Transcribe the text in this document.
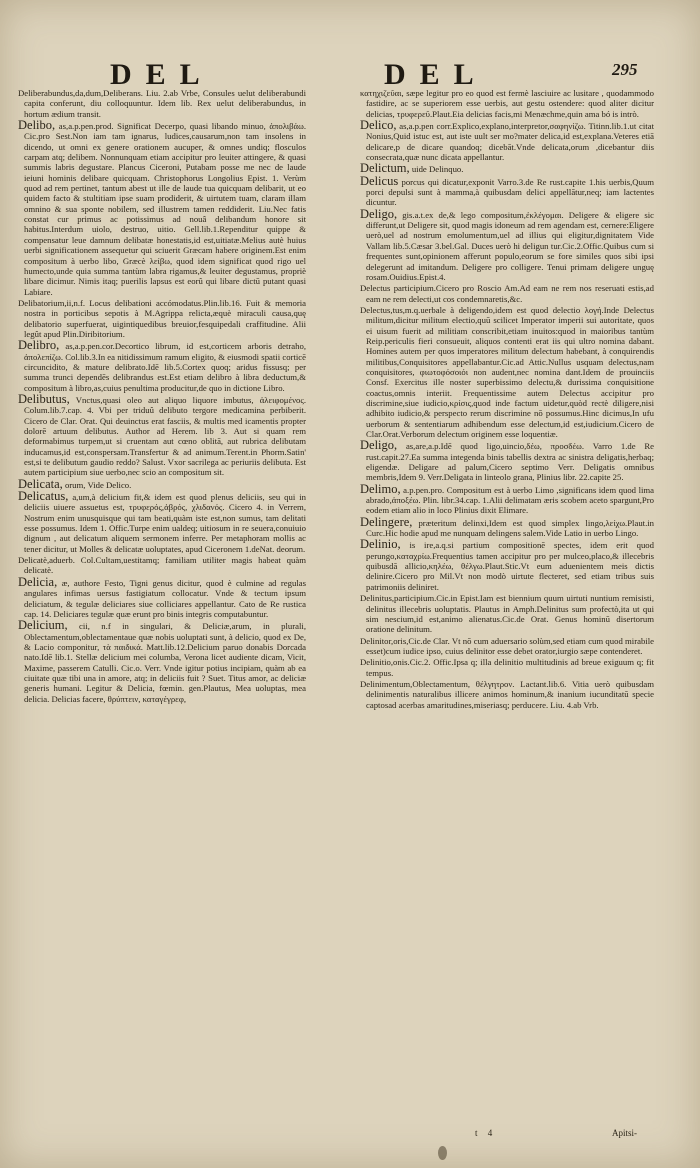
DEL	DEL	295

Deliberabundus,da,dum,Deliberans. Liu. 2.ab Vrbe, Consules uelut deliberabundi capita conferunt, diu colloquuntur. Idem lib. Rex uelut deliberabundus, in hortum ædium transit.

Delibo, as,a.p.pen.prod. Significat Decerpo, quasi libando minuo, ἀπολιβάω. Cic.pro Sest.Non iam tam ignarus, ludices,causarum,non tam insolens in dicendo, ut omni ex genere orationem aucuper, & omnes undiq; flosculos carpam atq; delibem. Nonnunquam etiam accipitur pro leuiter attingere, & quasi summis labris degustare. Plancus Ciceroni, Putabam posse me nec de laude ieiuni hominis delibare quicquam. Christophorus Longolius Epist. 1. Verùm quod ad rem pertinet, tantum abest ut ille de laude tua quicquam delibarit, ut eo quidem facto & stultitiam ipse suam prodiderit, & uirtutem tuam, claram illam omnino & sua sponte nobilem, sed illustrem tamen reddiderit. Liu.Nec fatis constat cur primus ac potissimus ad nouâ delibandum honore sit habitus.Interdum uiolo, destruo, uitio. Gell.lib.1.Rependitur quippe & compensatur leue damnum delibatæ honestatis,id est,uitiatæ.Melius autè huius uerbi significationem assequetur qui sciuerit Græcam habere originem.Est enim compositum à uerbo libo, Græcè λείβω, quod idem significat quod rigo uel humecto,unde quia summa tantùm labra rigamus,& leuiter degustamus, propriè libare dicimur. Nimis itaq; puerilis lapsus est eorû qui libare dictū putant quasi Labiare.

Delibatorium,ii,n.f. Locus delibationi accómodatus.Plin.lib.16. Fuit & memoria nostra in porticibus sepotis à M.Agrippa relicta,æquè miraculi causa,quę delibatorio superfuerat, uigintiquedibus breuior,fesquipedali craffitudine. Alii legût apud Plin.Diribitorium.

Delibro, as,a.p.pen.cor.Decortico librum, id est,corticem arboris detraho, ἀπολεπίζω. Col.lib.3.In ea nitidissimum ramum eligito, & eiusmodi spatii corticē circuncidito, & mature delibrato.Idē lib.5.Cortex quoq; aridus fissusq; per summa trunci dependēs delibrandus est.Est etiam delibro à libra deductum,& compositum à libro,as,cuius penultima producitur,de quo in dictione Libro.

Delibutus, Vnctus,quasi oleo aut aliquo liquore imbutus, ἀλειφομένος. Colum.lib.7.cap. 4. Vbi per triduû delibuto tergore medicamina perbiberit. Cicero de Clar. Orat. Qui deuinctus erat fasciis, & multis med icamentis propter dolorē artuum delibutus. Author ad Herem. lib 3. Aut si quam rem deformabimus turpem,ut si cruentam aut cœno oblitā, aut rubrica delibutam inducamus,id est,conspersam.Transfertur & ad animum.Terent.in Phorm.Satin' est,si te delibutum gaudio reddo? Salust. Vxor sacrilega ac periuriis delibuta. Est autem participium siue uerbo,nec scio an compositum sit.

Delicata, orum, Vide Delico.

Delicatus, a,um,à delicium fit,& idem est quod plenus deliciis, seu qui in deliciis uiuere assuetus est, τρυφερός,ἁβρός, χλιδανός. Cicero 4. in Verrem, Nostrum enim unusquisque qui tam beati,quàm iste est,non sumus, tam delitati esse possumus. Idem 1. Offic.Turpe enim ualdeq; uitiosum in re seuera,conuiuio dignum , aut delicatum aliquem sermonem inferre. Per metaphoram mollis ac tener dicitur, ut Molles & delicatæ uoluptates, apud Ciceronem 1.deNat. deorum.

Delicatè,aduerb. Col.Cultam,uestitamq; familiam utiliter magis habeat quàm delicatè.

Delicia, æ, authore Festo, Tigni genus dicitur, quod è culmine ad regulas angulares infimas uersus fastigiatum collocatur. Vnde & tectum ipsum deliciatum, & tegulæ deliciares siue colliciares appellantur. Cato de Re rustica cap. 14. Deliciares tegulæ quæ erunt pro binis integris computabuntur.

Delicium, cii, n.f in singulari, & Deliciæ,arum, in plurali, Oblectamentum,oblectamentaue quæ nobis uoluptati sunt, à delicio, quod ex De, & Lacio componitur, τὰ παιδικά. Matt.lib.12.Delicium paruo donabis Dorcada nato.Idē lib.1. Stellæ delicium mei columba, Verona licet audiente dicam, Vicit, Maxime, passerem Catulli. Cic.o. Verr. Vnde igitur potius incipiam, quàm ab ea ciuitate quæ tibi una in amore, atq; in deliciis fuit ? Suet. Titus amor, ac deliciæ generis humani. Legitur & Delicia, fœmin. gen.Plautus, Mea uoluptas, mea delicia. Delicias facere, θρύπτειν, καταγέγρεφ,

κατηχιζεῦαι, sæpe legitur pro eo quod est fermè lasciuire ac lusitare , quodammodo fastidire, ac se superiorem esse uerbis, aut gestu ostendere: quod aliter dicitur delicias, τρυφερεῦ.Plaut.Eia delicias facis,mi Menæchme,quin ama bó is intrò.

Delico, as,a.p.pen corr.Explico,explano,interpretor,σαφηνίζω. Titinn.lib.1.ut citat Nonius,Quid istuc est, aut iste uult ser mo?mater delica,id est,explana.Veteres etiā delicare,p de dicare quandoq; dicebāt.Vnde delicata,orum ,dicebantur diis consecrata,quæ nunc dicata appellantur.

Delictum, uide Delinquo.

Delicus porcus qui dicatur,exponit Varro.3.de Re rust.capite 1.his uerbis,Quum porci depulsi sunt à mamma,à quibusdam delici appellātur,neq; iam lactentes dicuntur.

Deligo, gis.a.t.ex de,& lego compositum,ἐκλέγομαι. Deligere & eligere sic differunt,ut Deligere sit, quod magis idoneum ad rem agendam est, cernere:Eligere uerò,uel ad nostrum emolumentum,uel ad illius qui eligitur,dignitatem Vide Vallam lib.5.Cæsar 3.bel.Gal. Duces uerò hi deligun tur.Cic.2.Offic.Quibus cum si frequentes sunt,opinionem afferunt populo,eorum se fore similes quos sibi ipsi delegerunt ad imitandum. Deligere pro colligere. Tenui primam deligere unguę rosam.Ouidius.Epist.4.

Delectus participium.Cicero pro Roscio Am.Ad eam ne rem nos reseruati estis,ad eam ne rem delecti,ut cos condemnaretis,&c.

Delectus,tus,m.q.uerbale à deligendo,idem est quod delectio λογή.Inde Delectus militum,dicitur militum electio,quū scilicet Imperator imperii sui autoritate, quos ei uisum fuerit ad militiam conscribit,etiam inuitos:quod in maioribus tantùm Reip.periculis fieri consueuit, aliquos contenti erat iis qui ultro nomina dabant. Homines autem per quos imperatores militum delectum habebant, à conquirendis militibus,Conquisitores appellabantur.Cic.ad Attic.Nullus usquam delectus,nam conquisitores, φιωτοφόσοιόι non audent,nec nomina dant.Idem de prouinciis Consf. Exercitus ille noster superbissimo delectu,& durissima conquisitione coactus,omnis interiit. Frequentissime autem Delectus accipitur pro discrimine,siue iudicio,κρίσις,quod inde factum uidetur,quòd rectè diligere,nisi adhibito iudicio,& perspecto rerum discrimine nō possumus.Hinc dicimus,In ufu uerborum & sententiarum adhibendum esse delectum,id est,iudicium.Cicero de Clar.Orat.Verborum delectum originem esse loquentiæ.

Deligo, as,are,a.p.Idē quod ligo,uincio,δέω, προσδέω. Varro 1.de Re rust.capit.27.Ea summa integenda binis tabellis dextra ac sinistra deligatis,herbaq; eligendæ. Deligare ad palum,Cicero septimo Verr. Deligatis omnibus membris,Idem 9. Verr.Deligata in linteolo grana, Plinius libr. 22.capite 25.

Delimo, a.p.pen.pro. Compositum est à uerbo Limo ,significans idem quod lima abrado,ἀποξέω. Plin. libr.34.cap. 1.Alii delimatam æris scobem aceto spargunt,Pro eodem etiam alio in loco Plinius dixit Elimare.

Delingere, præteritum delinxi,Idem est quod simplex lingo,λείχω.Plaut.in Curc.Hic hodie apud me nunquam delingens salem.Vide Latio in uerbo Lingo.

Delinio, is ire,a.q.si partium compositionē spectes, idem erit quod perungo,καταχρίω.Frequentius tamen accipitur pro per mulceo,placo,& illecebris quibusdā allicio,κηλέω, θέλγω.Plaut.Stic.Vt eum aduenientem meis dictis delinire.Cicero pro Mil.Vt non modò uirtute flecteret, sed etiam tribus suis patrimoniis deliniret.

Delinitus,participium.Cic.in Epist.Iam est biennium quum uirtuti nuntium remisisti, delinitus illecebris uoluptatis. Plautus in Amph.Delinitus sum profectò,ita ut qui sim nescium,id est,animo alienatus.Cic.de Orat. Genus hominū disertorum oratione delinitum.

Delinitor,oris,Cic.de Clar. Vt nō cum aduersario solùm,sed etiam cum quod mirabile esset)cum iudice ipso, cuius delinitor esse debet orator,iurgio sæpe contenderet.

Delinitio,onis.Cic.2. Offic.Ipsa q; illa delinitio multitudinis ad breue exiguum q; fit tempus.

Delinimentum,Oblectamentum, θέλγητρον. Lactant.lib.6. Vitia uerò quibusdam delinimentis naturalibus illicere animos hominum,& inanium iucunditatū specie captosad acerbas amaritudines,miseriasq; perducere. Liu. 4.ab Vrb.

t 4	Apitsi-
